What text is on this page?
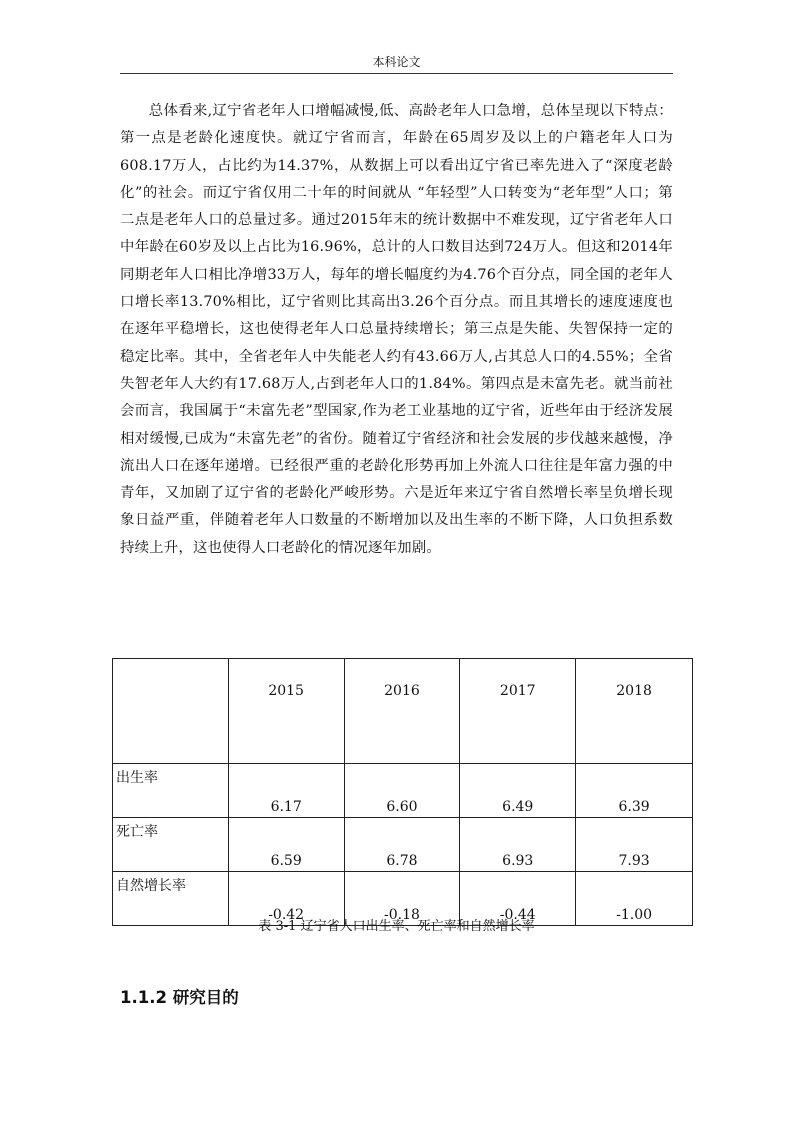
本科论文

总体看来,辽宁省老年人口增幅减慢,低、高龄老年人口急增，总体呈现以下特点：第一点是老龄化速度快。就辽宁省而言，年龄在65周岁及以上的户籍老年人口为608.17万人，占比约为14.37%，从数据上可以看出辽宁省已率先进入了“深度老龄化”的社会。而辽宁省仅用二十年的时间就从 “年轻型”人口转变为“老年型”人口；第二点是老年人口的总量过多。通过2015年末的统计数据中不难发现，辽宁省老年人口中年龄在60岁及以上占比为16.96%，总计的人口数目达到724万人。但这和2014年同期老年人口相比净增33万人，每年的增长幅度约为4.76个百分点，同全国的老年人口增长率13.70%相比，辽宁省则比其高出3.26个百分点。而且其增长的速度速度也在逐年平稳增长，这也使得老年人口总量持续增长；第三点是失能、失智保持一定的稳定比率。其中，全省老年人中失能老人约有43.66万人,占其总人口的4.55%；全省失智老年人大约有17.68万人,占到老年人口的1.84%。第四点是未富先老。就当前社会而言，我国属于“未富先老”型国家,作为老工业基地的辽宁省，近些年由于经济发展相对缓慢,已成为“未富先老”的省份。随着辽宁省经济和社会发展的步伐越来越慢，净流出人口在逐年递增。已经很严重的老龄化形势再加上外流人口往往是年富力强的中青年，又加剧了辽宁省的老龄化严峻形势。六是近年来辽宁省自然增长率呈负增长现象日益严重，伴随着老年人口数量的不断增加以及出生率的不断下降，人口负担系数持续上升，这也使得人口老龄化的情况逐年加剧。

	2015	2016	2017	2018
出生率	6.17	6.60	6.49	6.39
死亡率	6.59	6.78	6.93	7.93
自然增长率	-0.42	-0.18	-0.44	-1.00
表 3-1 辽宁省人口出生率、死亡率和自然增长率
1.1.2 研究目的
